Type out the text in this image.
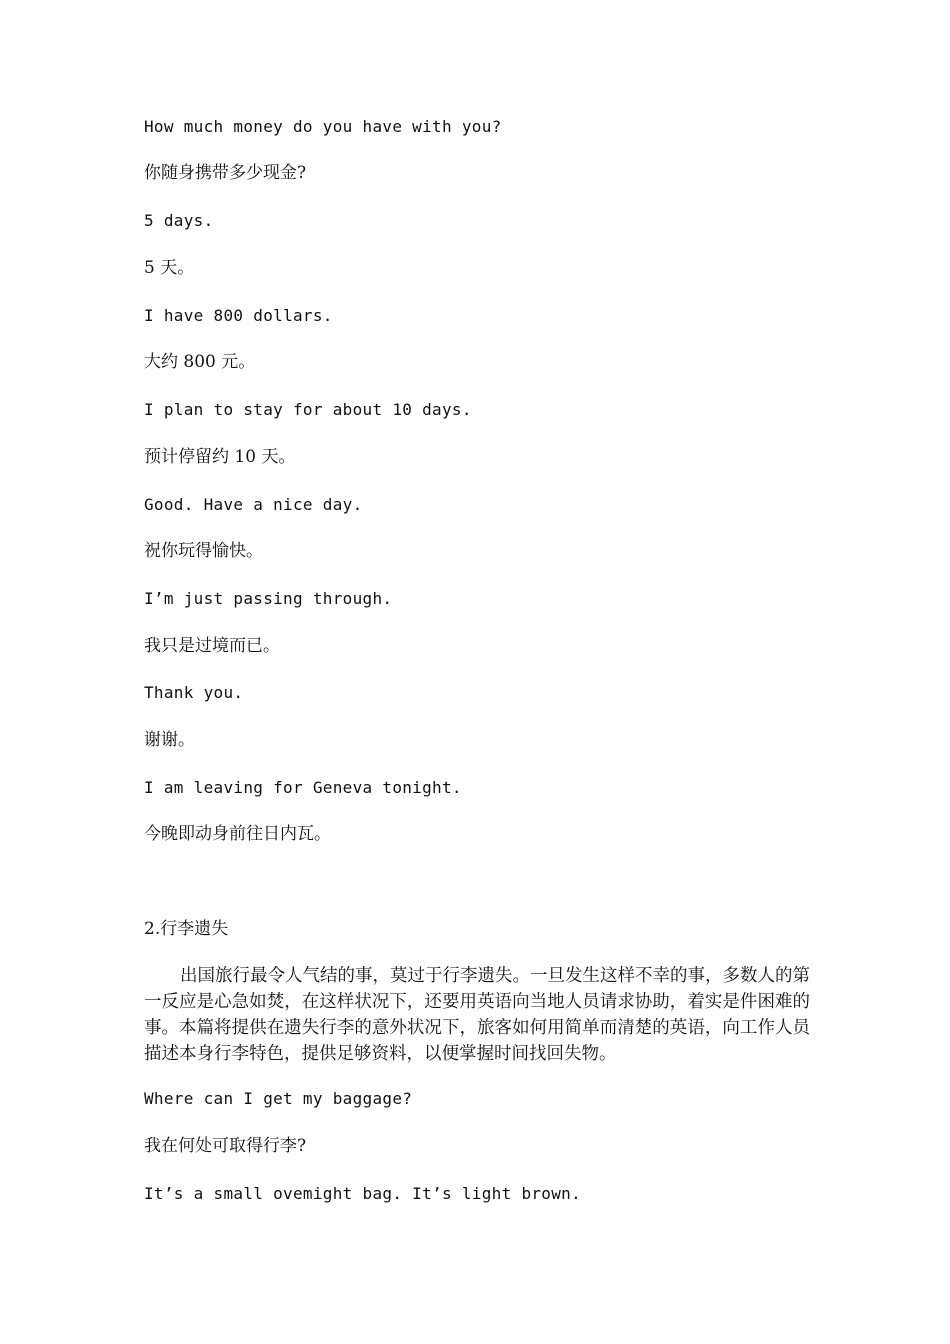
How much money do you have with you?

你随身携带多少现金?

5 days.

5 天。

I have 800 dollars.

大约 800 元。

I plan to stay for about 10 days.

预计停留约 10 天。

Good. Have a nice day.

祝你玩得愉快。

I’m just passing through.

我只是过境而已。

Thank you.

谢谢。

I am leaving for Geneva tonight.

今晚即动身前往日内瓦。

2.行李遗失

出国旅行最令人气结的事，莫过于行李遗失。一旦发生这样不幸的事，多数人的第一反应是心急如焚，在这样状况下，还要用英语向当地人员请求协助，着实是件困难的事。本篇将提供在遗失行李的意外状况下，旅客如何用简单而清楚的英语，向工作人员描述本身行李特色，提供足够资料，以便掌握时间找回失物。

Where can I get my baggage?

我在何处可取得行李?

It’s a small ovemight bag. It’s light brown.
